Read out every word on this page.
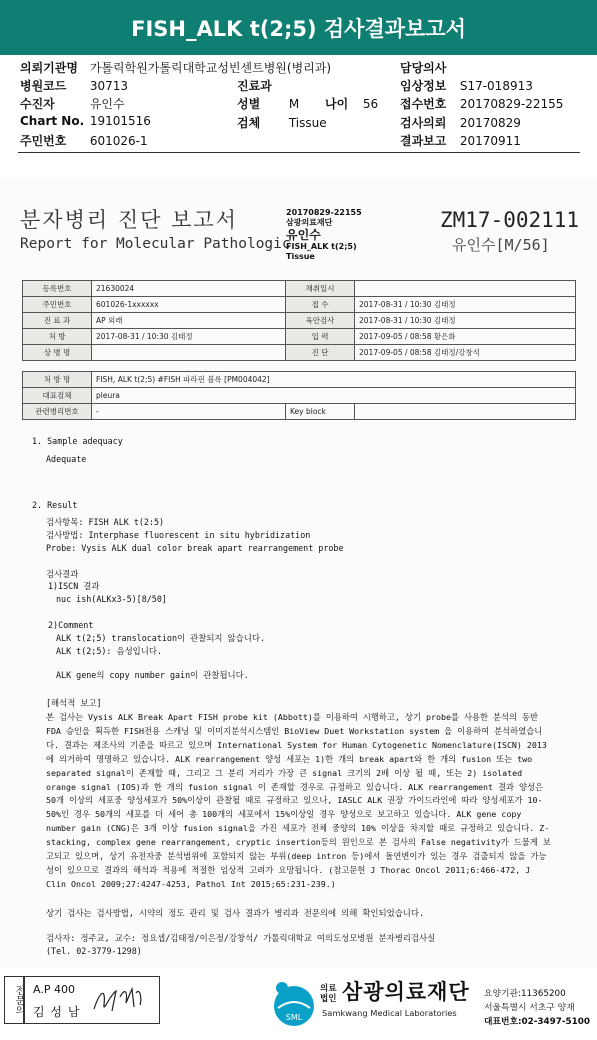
FISH_ALK t(2;5) 검사결과보고서
의뢰기관명 가톨릭학원가톨릭대학교성빈센트병원(병리과)	담당의사
병원코드 30713	진료과	임상정보 S17-018913
수진자	유인수	성별 M 나이 56 접수번호 20170829-22155
Chart No. 19101516	검체 Tissue	검사의뢰 20170829
주민번호 601026-1	결과보고 20170911
분자병리 진단 보고서
Report for Molecular Pathologic
20170829-22155
삼광의료재단
유인수
FISH_ALK t(2;5)
Tissue
ZM17-002111
유인수[M/56]
등록번호	21630024	채취일시	
주민번호	601026-1xxxxxx	접 수	2017-08-31 / 10:30 김태정
진 료 과	AP 외래	육안검사	2017-08-31 / 10:30 김태정
처 방	2017-08-31 / 10:30 김태정	입 력	2017-09-05 / 08:58 황은화
상 병 명		진 단	2017-09-05 / 08:58 김태정/강창석
처 방 명	FISH, ALK t(2;5) #FISH 파라핀 블록 [PM004042]		
대표검체	pleura		
관련병리번호	-	Key block	
1. Sample adequacy
Adequate
2. Result
검사항목: FISH ALK t(2:5)
검사방법: Interphase fluorescent in situ hybridization
Probe: Vysis ALK dual color break apart rearrangement probe
검사결과
1)ISCN 결과
nuc ish(ALKx3-5)[8/50]
2)Comment
ALK t(2;5) translocation이 관찰되지 않습니다.
ALK t(2;5): 음성입니다.
ALK gene의 copy number gain이 관찰됩니다.
[해석적 보고]
본 검사는 Vysis ALK Break Apart FISH probe kit (Abbott)를 이용하여 시행하고, 상기 probe를 사용한 분석의 동반 FDA 승인을 획득한 FISH전용 스캐닝 및 이미지분석시스템인 BioView Duet Workstation system 을 이용하여 분석하였습니다. 결과는 제조사의 기준을 따르고 있으며 International System for Human Cytogenetic Nomenclature(ISCN) 2013에 의거하여 명명하고 있습니다. ALK rearrangement 양성 세포는 1)한 개의 break apart와 한 개의 fusion 또는 two separated signal이 존재할 때, 그리고 그 분리 거리가 가장 큰 signal 크기의 2배 이상 될 때, 또는 2) isolated orange signal (IOS)과 한 개의 fusion signal 이 존재할 경우로 규정하고 있습니다. ALK rearrangement 결과 양성은 50개 이상의 세포중 양성세포가 50%이상이 관찰될 때로 규정하고 있으나, IASLC ALK 권장 가이드라인에 따라 양성세포가 10-50%인 경우 50개의 세포를 더 세어 총 100개의 세포에서 15%이상일 경우 양성으로 보고하고 있습니다. ALK gene copy number gain (CNG)은 3개 이상 fusion signal을 가진 세포가 전체 중양의 10% 이상을 차지할 때로 규정하고 있습니다. Z-stacking, complex gene rearrangement, cryptic insertion등의 원인으로 본 검사의 False negativity가 드물게 보고되고 있으며, 상기 유전자중 분석범위에 포함되지 않는 부위(deep intron 등)에서 돌연변이가 있는 경우 검출되지 않을 가능성이 있으므로 결과의 해석과 적용에 적절한 임상적 고려가 요망됩니다. (참고문헌 J Thorac Oncol 2011;6:466-472, J Clin Oncol 2009;27:4247-4253, Pathol Int 2015;65:231-239.)
상기 검사는 검사방법, 시약의 정도 관리 및 검사 결과가 병리과 전문의에 의해 확인되었습니다.
검사자: 정주교, 교수: 정요셉/김태정/이은정/강창석/ 가톨릭대학교 여의도성모병원 분자병리검사실
(Tel. 02-3779-1298)
전문의 A.P 400
김 성 남	SML
의료
법인 삼광의료재단
Samkwang Medical Laboratories
요양기관:11365200
서울특별시 서초구 양재
대표번호:02-3497-5100
